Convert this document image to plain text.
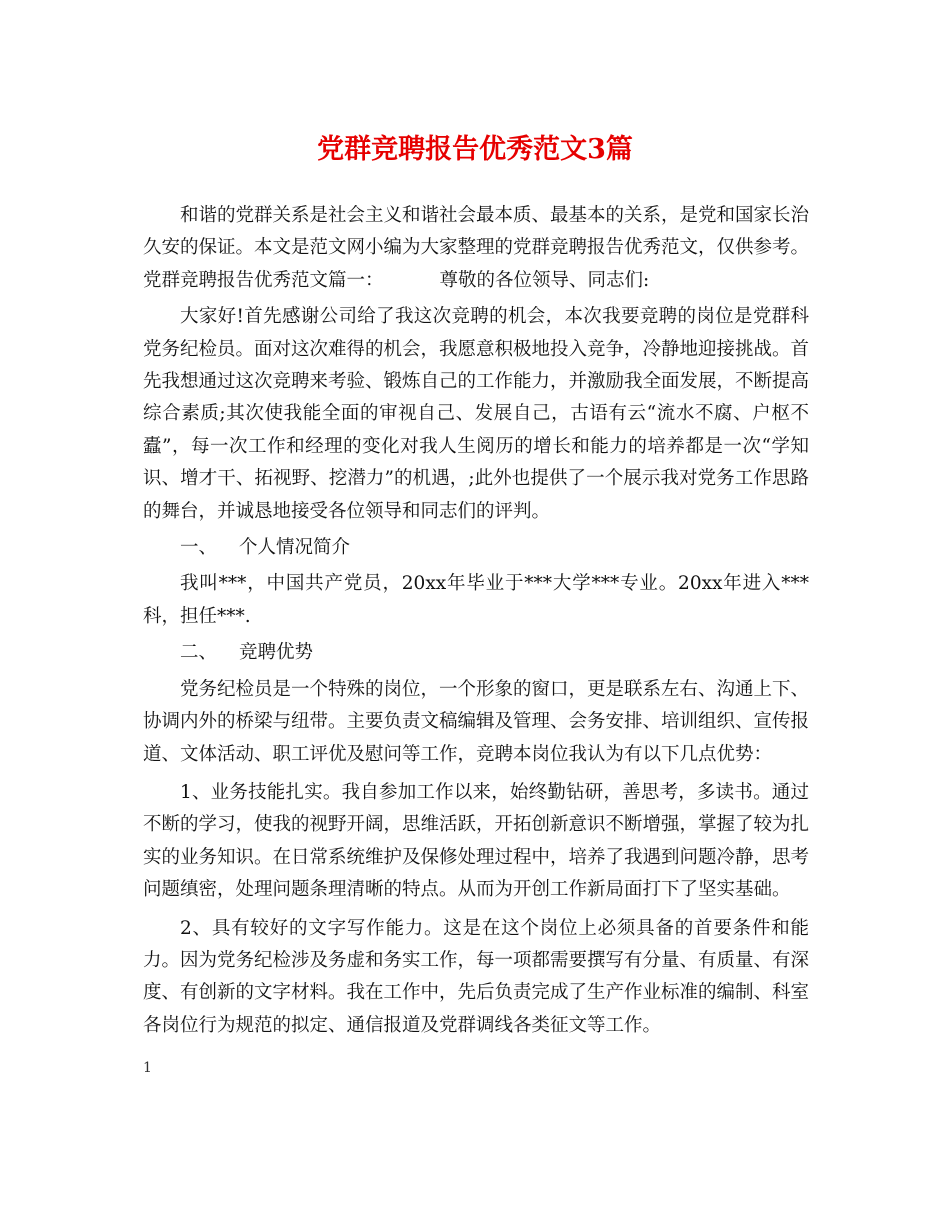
党群竞聘报告优秀范文3篇

和谐的党群关系是社会主义和谐社会最本质、最基本的关系，是党和国家长治久安的保证。本文是范文网小编为大家整理的党群竞聘报告优秀范文，仅供参考。

党群竞聘报告优秀范文篇一：	尊敬的各位领导、同志们:

大家好!首先感谢公司给了我这次竞聘的机会，本次我要竞聘的岗位是党群科党务纪检员。面对这次难得的机会，我愿意积极地投入竞争，冷静地迎接挑战。首先我想通过这次竞聘来考验、锻炼自己的工作能力，并激励我全面发展，不断提高综合素质;其次使我能全面的审视自己、发展自己，古语有云“流水不腐、户枢不蠹”，每一次工作和经理的变化对我人生阅历的增长和能力的培养都是一次“学知识、增才干、拓视野、挖潜力”的机遇，;此外也提供了一个展示我对党务工作思路的舞台，并诚恳地接受各位领导和同志们的评判。

一、 个人情况简介

我叫***，中国共产党员，20xx年毕业于***大学***专业。20xx年进入***科，担任***.

二、 竞聘优势

党务纪检员是一个特殊的岗位，一个形象的窗口，更是联系左右、沟通上下、协调内外的桥梁与纽带。主要负责文稿编辑及管理、会务安排、培训组织、宣传报道、文体活动、职工评优及慰问等工作，竞聘本岗位我认为有以下几点优势：

1、业务技能扎实。我自参加工作以来，始终勤钻研，善思考，多读书。通过不断的学习，使我的视野开阔，思维活跃，开拓创新意识不断增强，掌握了较为扎实的业务知识。在日常系统维护及保修处理过程中，培养了我遇到问题冷静，思考问题缜密，处理问题条理清晰的特点。从而为开创工作新局面打下了坚实基础。

2、具有较好的文字写作能力。这是在这个岗位上必须具备的首要条件和能力。因为党务纪检涉及务虚和务实工作，每一项都需要撰写有分量、有质量、有深度、有创新的文字材料。我在工作中，先后负责完成了生产作业标准的编制、科室各岗位行为规范的拟定、通信报道及党群调线各类征文等工作。

1
